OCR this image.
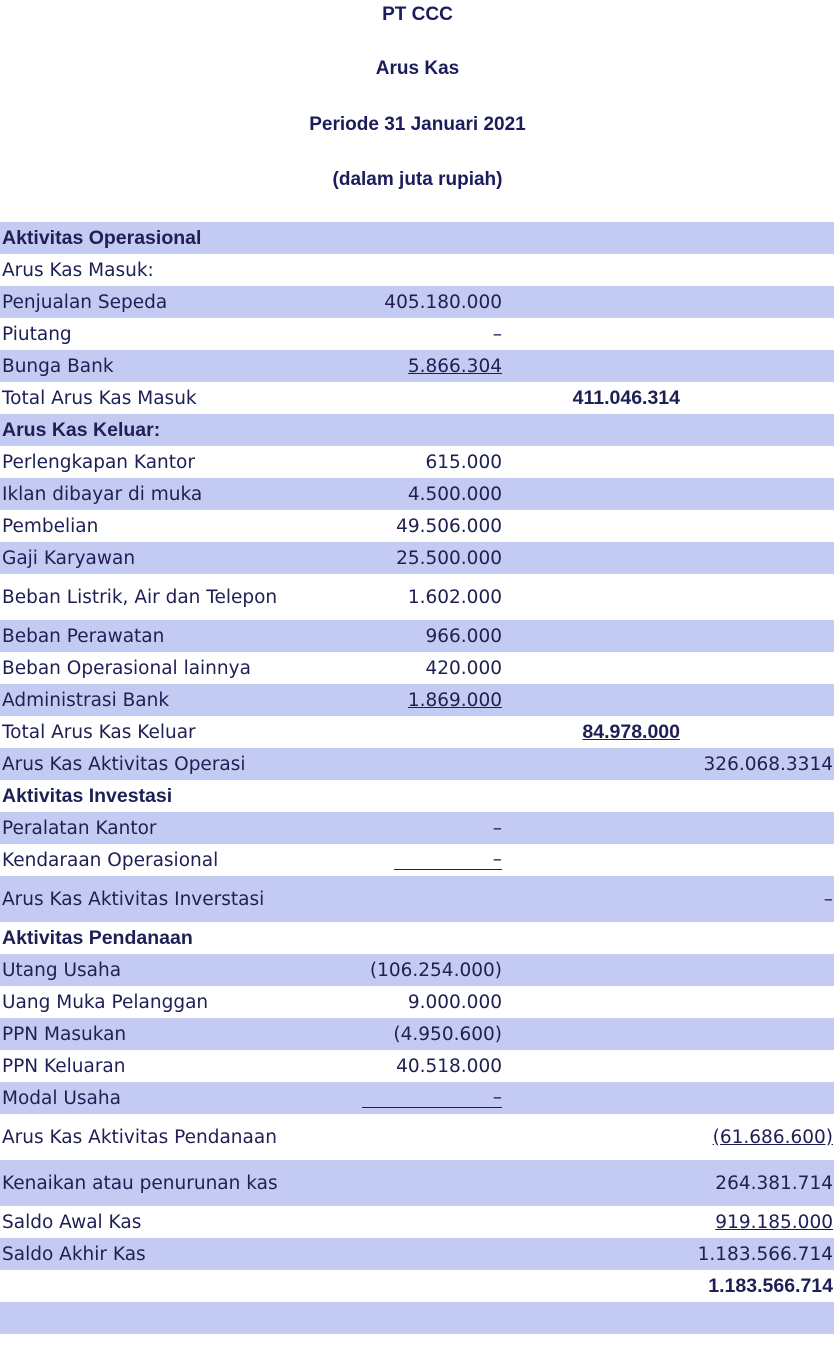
PT CCC
Arus Kas
Periode 31 Januari 2021
(dalam juta rupiah)
Aktivitas Operasional
Arus Kas Masuk:
Penjualan Sepeda	405.180.000
Piutang	–
Bunga Bank	5.866.304
Total Arus Kas Masuk	411.046.314
Arus Kas Keluar:
Perlengkapan Kantor	615.000
Iklan dibayar di muka	4.500.000
Pembelian	49.506.000
Gaji Karyawan	25.500.000
Beban Listrik, Air dan Telepon	1.602.000
Beban Perawatan	966.000
Beban Operasional lainnya	420.000
Administrasi Bank	1.869.000
Total Arus Kas Keluar	84.978.000
Arus Kas Aktivitas Operasi	326.068.3314
Aktivitas Investasi
Peralatan Kantor	–
Kendaraan Operasional	–
Arus Kas Aktivitas Inverstasi	–
Aktivitas Pendanaan
Utang Usaha	(106.254.000)
Uang Muka Pelanggan	9.000.000
PPN Masukan	(4.950.600)
PPN Keluaran	40.518.000
Modal Usaha	–
Arus Kas Aktivitas Pendanaan	(61.686.600)
Kenaikan atau penurunan kas	264.381.714
Saldo Awal Kas	919.185.000
Saldo Akhir Kas	1.183.566.714
1.183.566.714
